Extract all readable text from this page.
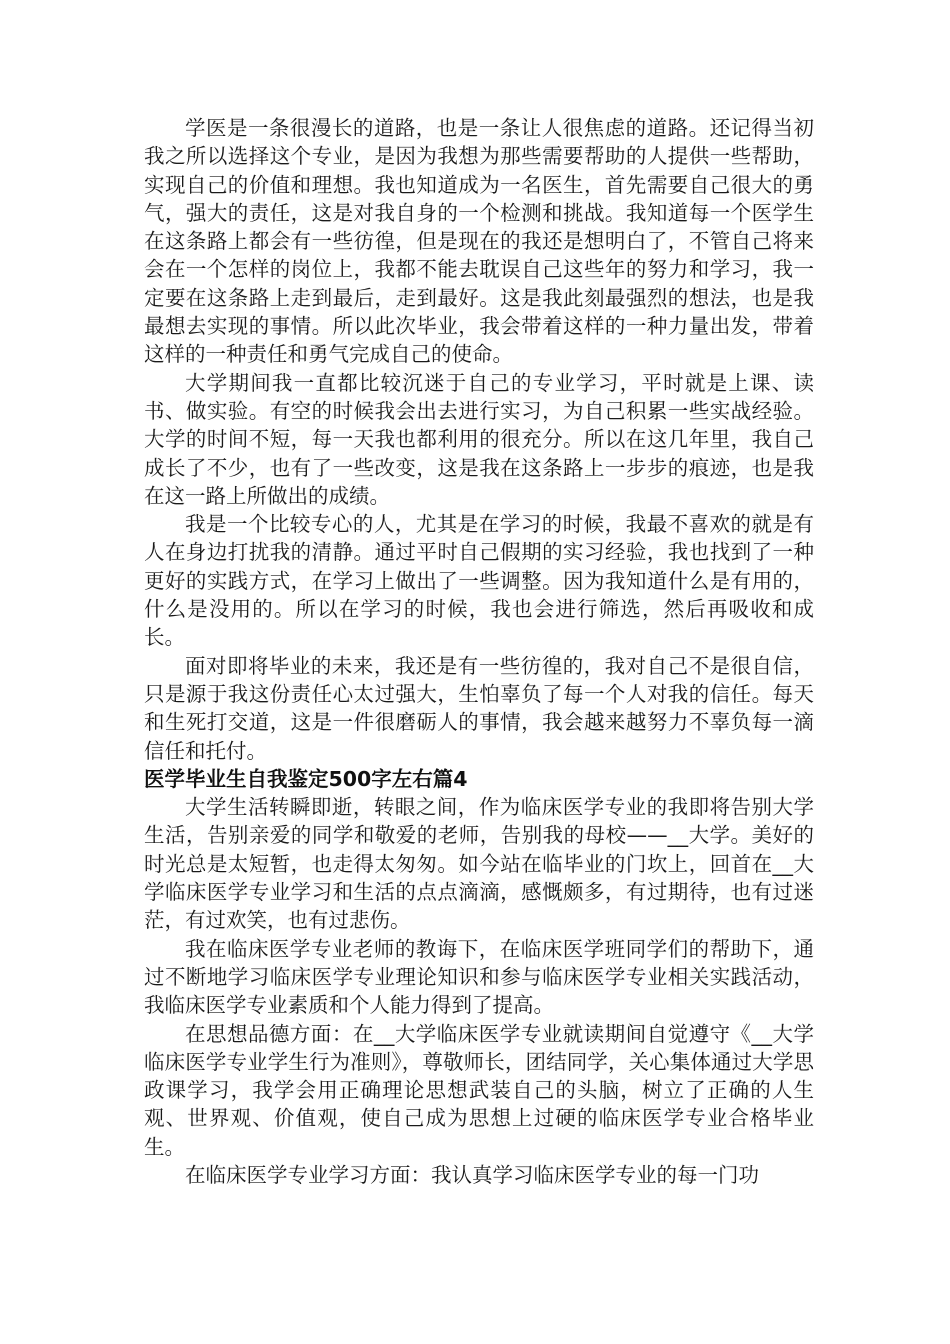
学医是一条很漫长的道路，也是一条让人很焦虑的道路。还记得当初我之所以选择这个专业，是因为我想为那些需要帮助的人提供一些帮助，实现自己的价值和理想。我也知道成为一名医生，首先需要自己很大的勇气，强大的责任，这是对我自身的一个检测和挑战。我知道每一个医学生在这条路上都会有一些彷徨，但是现在的我还是想明白了，不管自己将来会在一个怎样的岗位上，我都不能去耽误自己这些年的努力和学习，我一定要在这条路上走到最后，走到最好。这是我此刻最强烈的想法，也是我最想去实现的事情。所以此次毕业，我会带着这样的一种力量出发，带着这样的一种责任和勇气完成自己的使命。

大学期间我一直都比较沉迷于自己的专业学习，平时就是上课、读书、做实验。有空的时候我会出去进行实习，为自己积累一些实战经验。大学的时间不短，每一天我也都利用的很充分。所以在这几年里，我自己成长了不少，也有了一些改变，这是我在这条路上一步步的痕迹，也是我在这一路上所做出的成绩。

我是一个比较专心的人，尤其是在学习的时候，我最不喜欢的就是有人在身边打扰我的清静。通过平时自己假期的实习经验，我也找到了一种更好的实践方式，在学习上做出了一些调整。因为我知道什么是有用的，什么是没用的。所以在学习的时候，我也会进行筛选，然后再吸收和成长。

面对即将毕业的未来，我还是有一些彷徨的，我对自己不是很自信，只是源于我这份责任心太过强大，生怕辜负了每一个人对我的信任。每天和生死打交道，这是一件很磨砺人的事情，我会越来越努力不辜负每一滴信任和托付。

医学毕业生自我鉴定500字左右篇4

大学生活转瞬即逝，转眼之间，作为临床医学专业的我即将告别大学生活，告别亲爱的同学和敬爱的老师，告别我的母校——__大学。美好的时光总是太短暂，也走得太匆匆。如今站在临毕业的门坎上，回首在__大学临床医学专业学习和生活的点点滴滴，感慨颇多，有过期待，也有过迷茫，有过欢笑，也有过悲伤。

我在临床医学专业老师的教诲下，在临床医学班同学们的帮助下，通过不断地学习临床医学专业理论知识和参与临床医学专业相关实践活动，我临床医学专业素质和个人能力得到了提高。

在思想品德方面：在__大学临床医学专业就读期间自觉遵守《__大学临床医学专业学生行为准则》，尊敬师长，团结同学，关心集体通过大学思政课学习，我学会用正确理论思想武装自己的头脑，树立了正确的人生观、世界观、价值观，使自己成为思想上过硬的临床医学专业合格毕业生。

在临床医学专业学习方面：我认真学习临床医学专业的每一门功
